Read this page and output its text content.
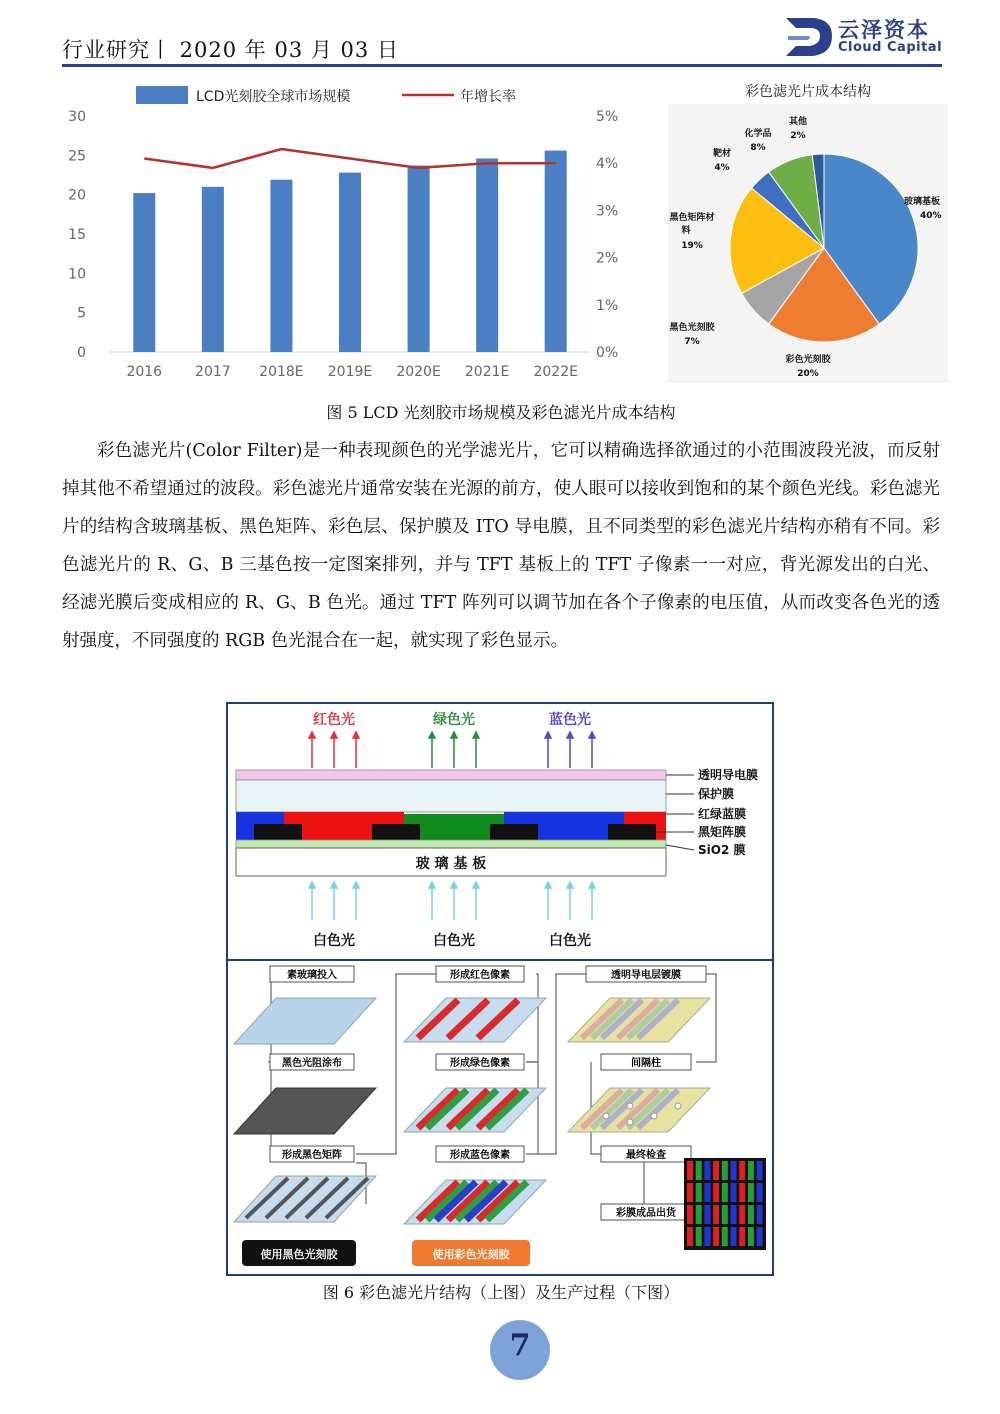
行业研究丨 2020 年 03 月 03 日
云泽资本
Cloud Capital
LCD光刻胶全球市场规模	年增长率
0
5
10
15
20
25
30
0%
1%
2%
3%
4%
5%
2016 2017 2018E 2019E 2020E 2021E 2022E
彩色滤光片成本结构
玻璃基板
40%
彩色光刻胶
20%
黑色光刻胶
7%
黑色矩阵材
料
19%
靶材
4%
化学品
8%
其他
2%
图 5 LCD 光刻胶市场规模及彩色滤光片成本结构

彩色滤光片(Color Filter)是一种表现颜色的光学滤光片，它可以精确选择欲通过的小范围波段光波，而反射掉其他不希望通过的波段。彩色滤光片通常安装在光源的前方，使人眼可以接收到饱和的某个颜色光线。彩色滤光片的结构含玻璃基板、黑色矩阵、彩色层、保护膜及 ITO 导电膜，且不同类型的彩色滤光片结构亦稍有不同。彩色滤光片的 R、G、B 三基色按一定图案排列，并与 TFT 基板上的 TFT 子像素一一对应，背光源发出的白光、经滤光膜后变成相应的 R、G、B 色光。通过 TFT 阵列可以调节加在各个子像素的电压值，从而改变各色光的透射强度，不同强度的 RGB 色光混合在一起，就实现了彩色显示。

红色光	绿色光	蓝色光
玻 璃 基 板
透明导电膜
保护膜
红绿蓝膜
黑矩阵膜
SiO2 膜
白色光	白色光	白色光
素玻璃投入
黑色光阻涂布
形成黑色矩阵
形成红色像素
形成绿色像素
形成蓝色像素
透明导电层镀膜
间隔柱
最终检查
彩膜成品出货
使用黑色光刻胶	使用彩色光刻胶
图 6 彩色滤光片结构（上图）及生产过程（下图）
7
